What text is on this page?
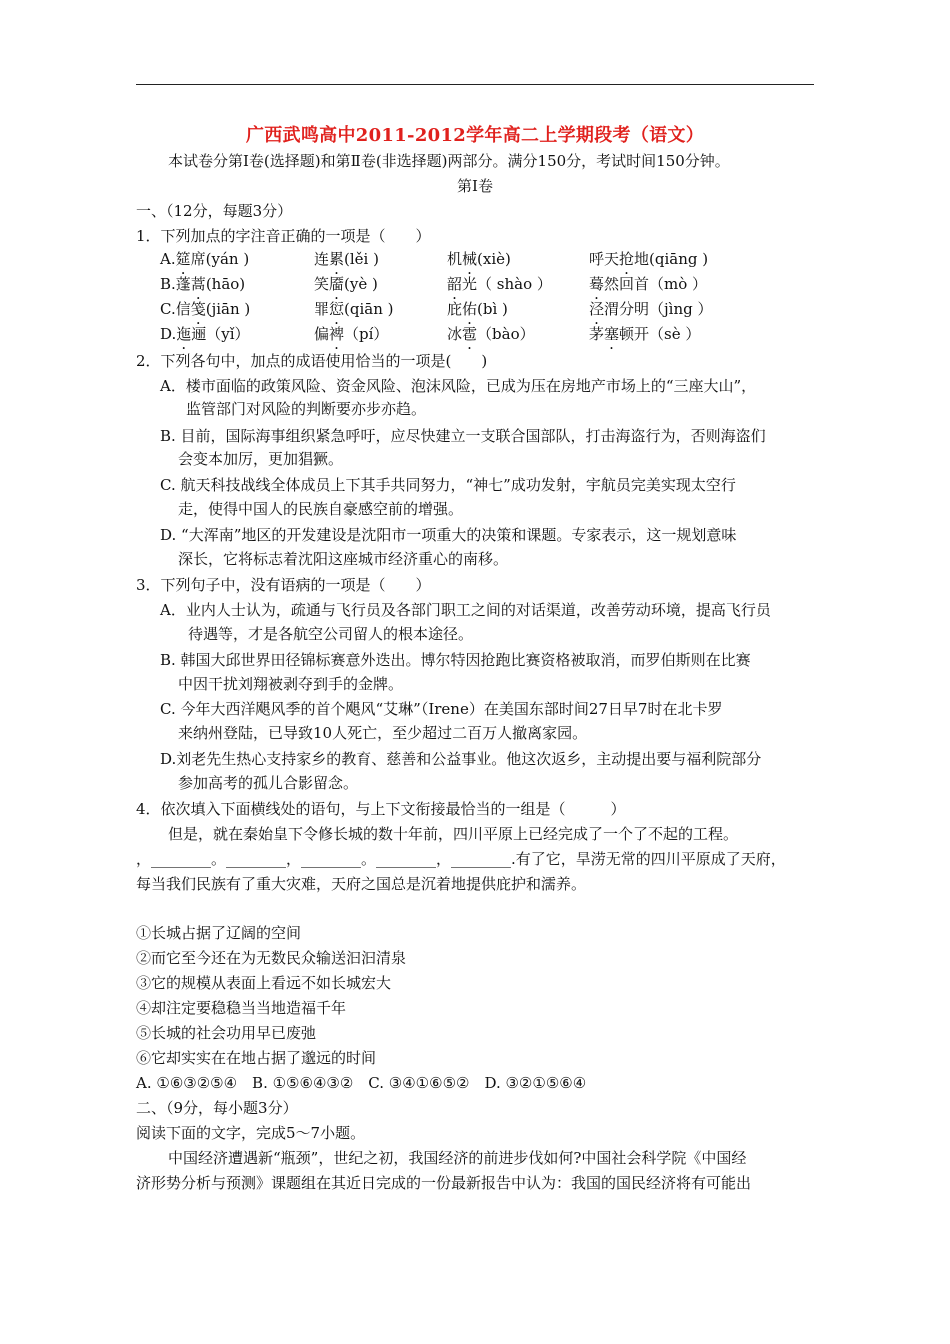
广西武鸣高中2011-2012学年高二上学期段考（语文）
本试卷分第Ⅰ卷(选择题)和第Ⅱ卷(非选择题)两部分。满分150分，考试时间150分钟。
第Ⅰ卷
一、（12分，每题3分）
1．下列加点的字注音正确的一项是（　　）
A.筵席(yán )	连累(lěi )	机械(xiè)	呼天抢地(qiāng )
B.蓬蒿(hāo)	笑靥(yè )	韶光（ shào ） 蓦然回首（mò ）
C.信笺(jiān )	罪愆(qiān )	庇佑(bì )	泾渭分明（jìng ）
D.迤逦（yǐ）	偏裨（pí）	冰雹（bào）	茅塞顿开（sè ）
2．下列各句中，加点的成语使用恰当的一项是(　　)
A．楼市面临的政策风险、资金风险、泡沫风险，已成为压在房地产市场上的“三座大山”，
监管部门对风险的判断要亦步亦趋。
B. 目前，国际海事组织紧急呼吁，应尽快建立一支联合国部队，打击海盗行为，否则海盗们
会变本加厉，更加猖獗。
C. 航天科技战线全体成员上下其手共同努力，“神七”成功发射，宇航员完美实现太空行
走，使得中国人的民族自豪感空前的增强。
D. “大浑南”地区的开发建设是沈阳市一项重大的决策和课题。专家表示，这一规划意味
深长，它将标志着沈阳这座城市经济重心的南移。
3．下列句子中，没有语病的一项是（　　）
A．业内人士认为，疏通与飞行员及各部门职工之间的对话渠道，改善劳动环境，提高飞行员
待遇等，才是各航空公司留人的根本途径。
B. 韩国大邱世界田径锦标赛意外迭出。博尔特因抢跑比赛资格被取消，而罗伯斯则在比赛
中因干扰刘翔被剥夺到手的金牌。
C. 今年大西洋飓风季的首个飓风“艾琳”（Irene）在美国东部时间27日早7时在北卡罗
来纳州登陆，已导致10人死亡，至少超过二百万人撤离家园。
D.刘老先生热心支持家乡的教育、慈善和公益事业。他这次返乡，主动提出要与福利院部分
参加高考的孤儿合影留念。
4．依次填入下面横线处的语句，与上下文衔接最恰当的一组是（　　　）
但是，就在秦始皇下令修长城的数十年前，四川平原上已经完成了一个了不起的工程。
，________。________，________。________，________.有了它，旱涝无常的四川平原成了天府，
每当我们民族有了重大灾难，天府之国总是沉着地提供庇护和濡养。
①长城占据了辽阔的空间
②而它至今还在为无数民众输送汩汩清泉
③它的规模从表面上看远不如长城宏大
④却注定要稳稳当当地造福千年
⑤长城的社会功用早已废弛
⑥它却实实在在地占据了邈远的时间
A. ①⑥③②⑤④　B. ①⑤⑥④③②　C. ③④①⑥⑤②　D. ③②①⑤⑥④
二、（9分，每小题3分）
阅读下面的文字，完成5～7小题。
中国经济遭遇新“瓶颈”，世纪之初，我国经济的前进步伐如何?中国社会科学院《中国经
济形势分析与预测》课题组在其近日完成的一份最新报告中认为：我国的国民经济将有可能出
